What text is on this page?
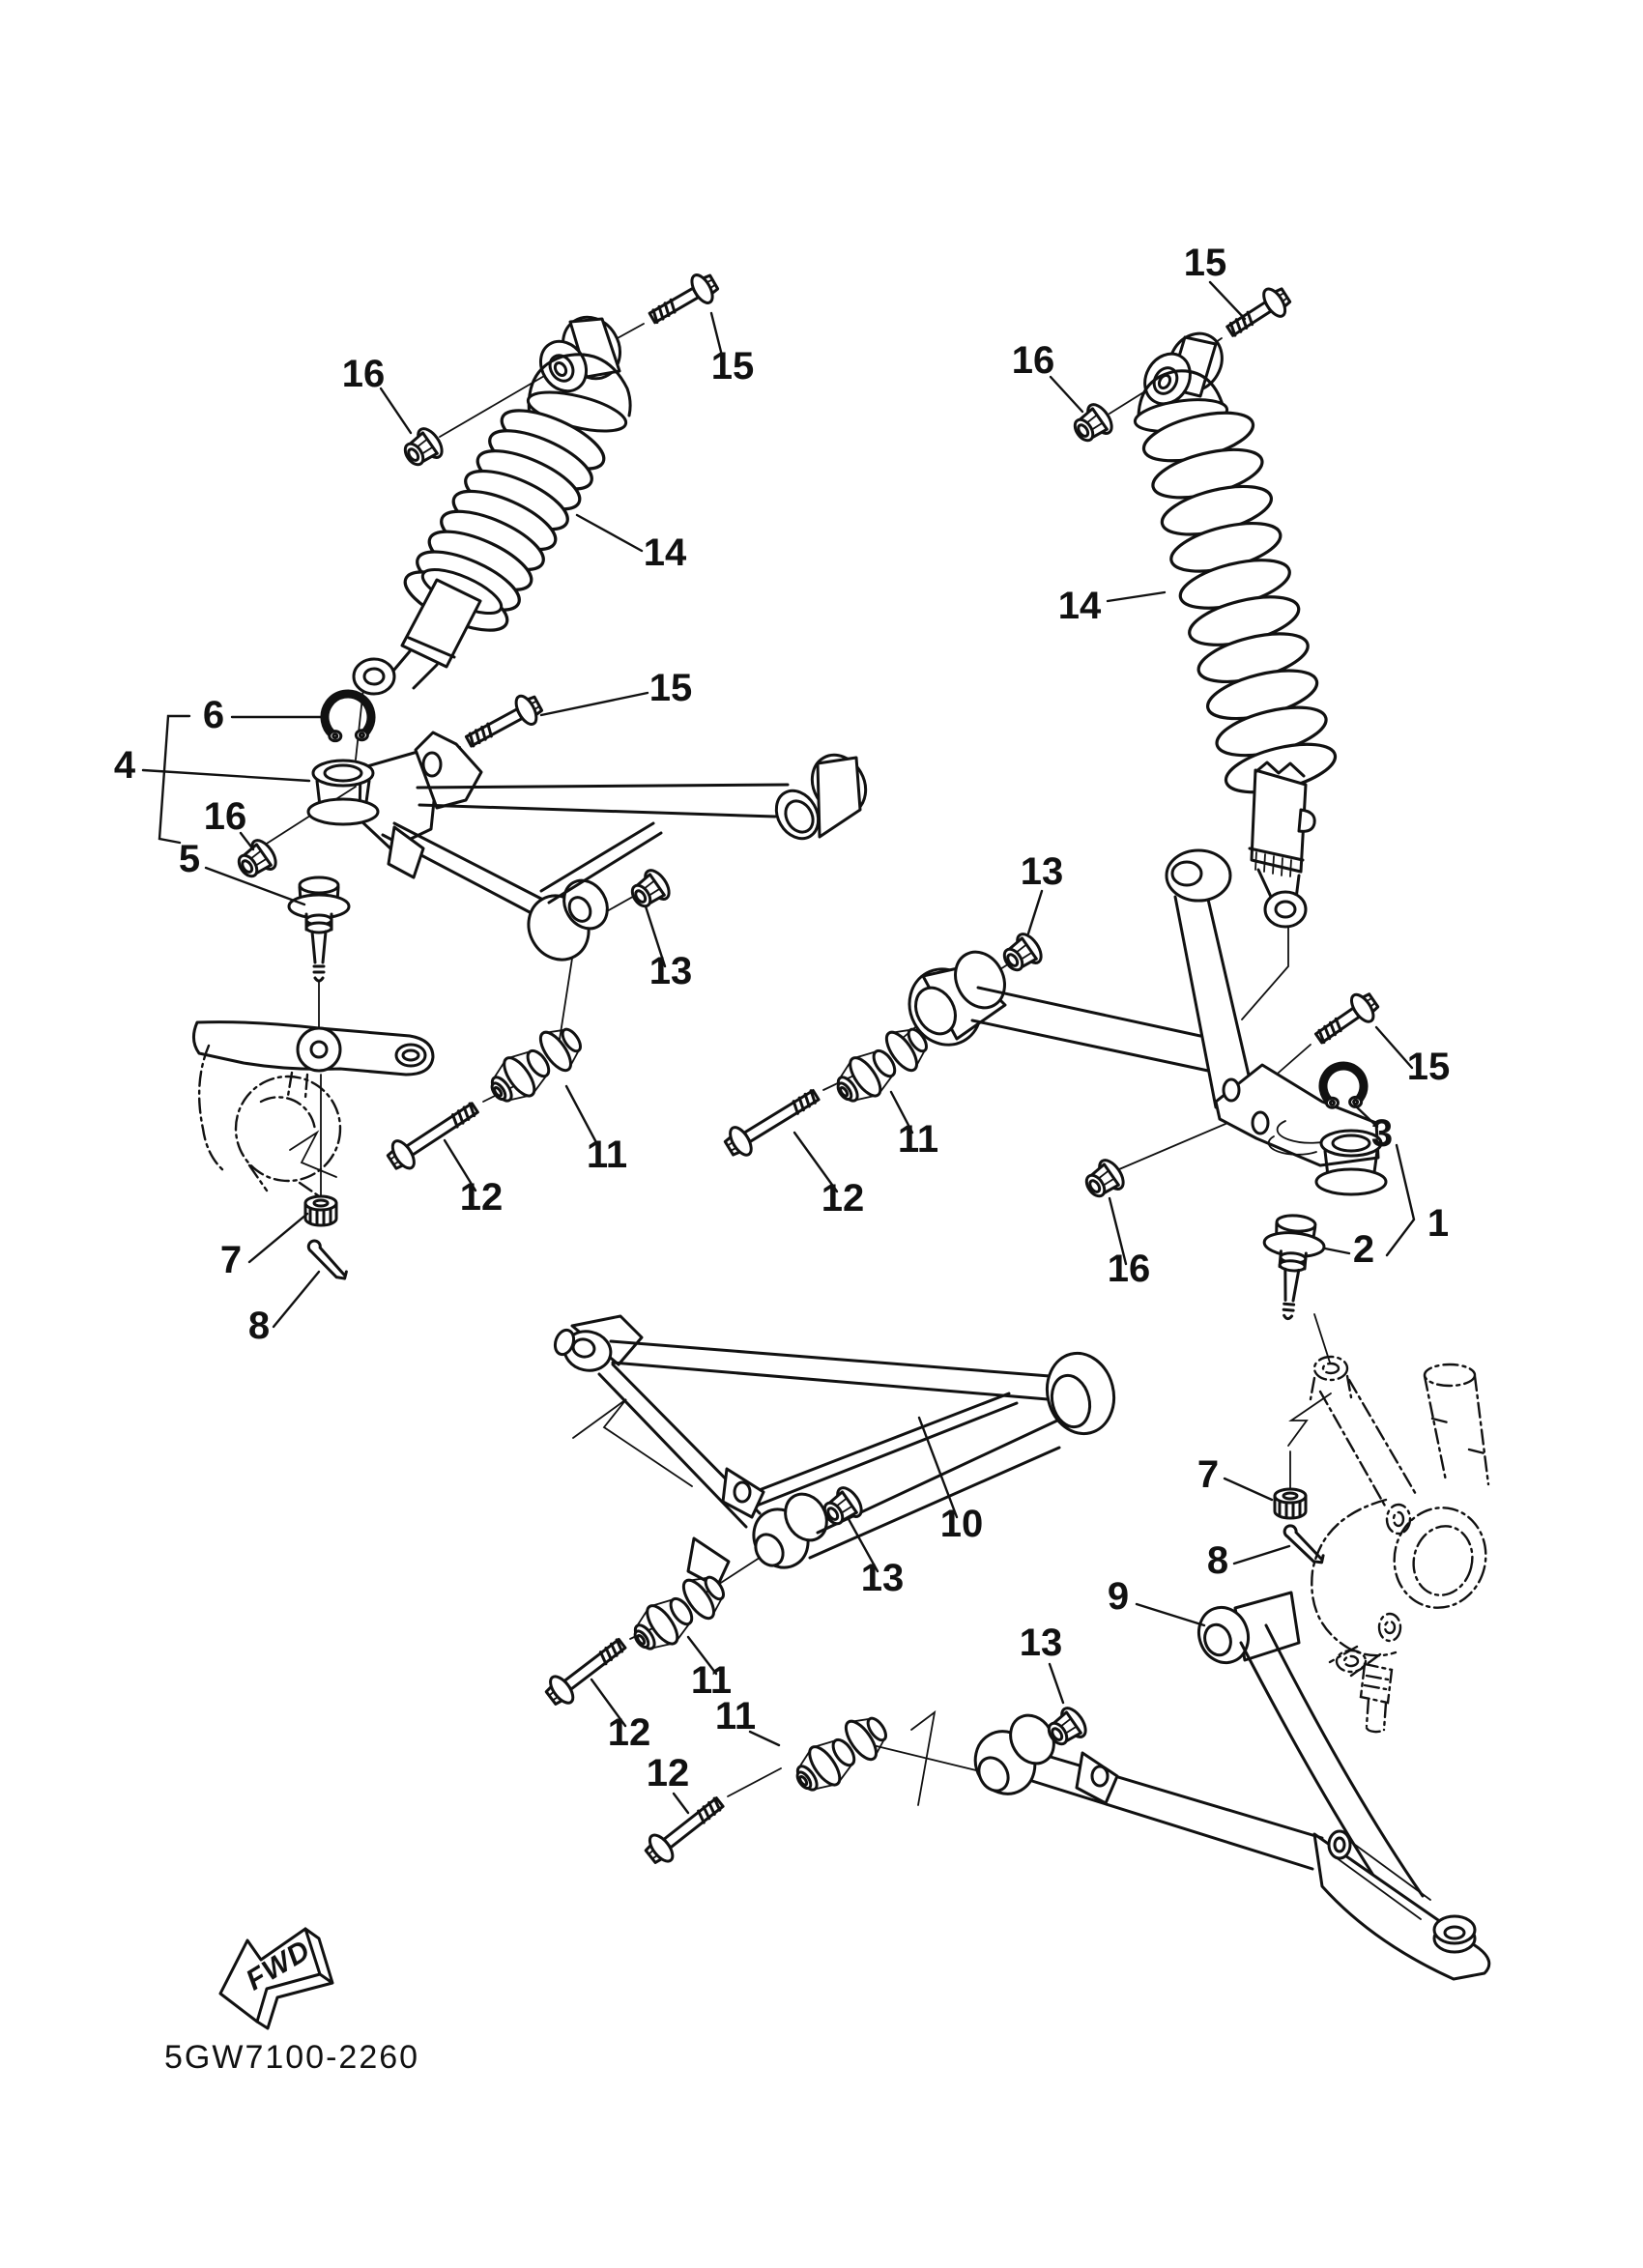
FWD
5GW7100-2260
16	15
14
16
15
14
6
4
16
5
15
13
7
8
12
11
12
11
13
13
9
7
8
10
13
11
12 11
12
15
3
1
2
16
